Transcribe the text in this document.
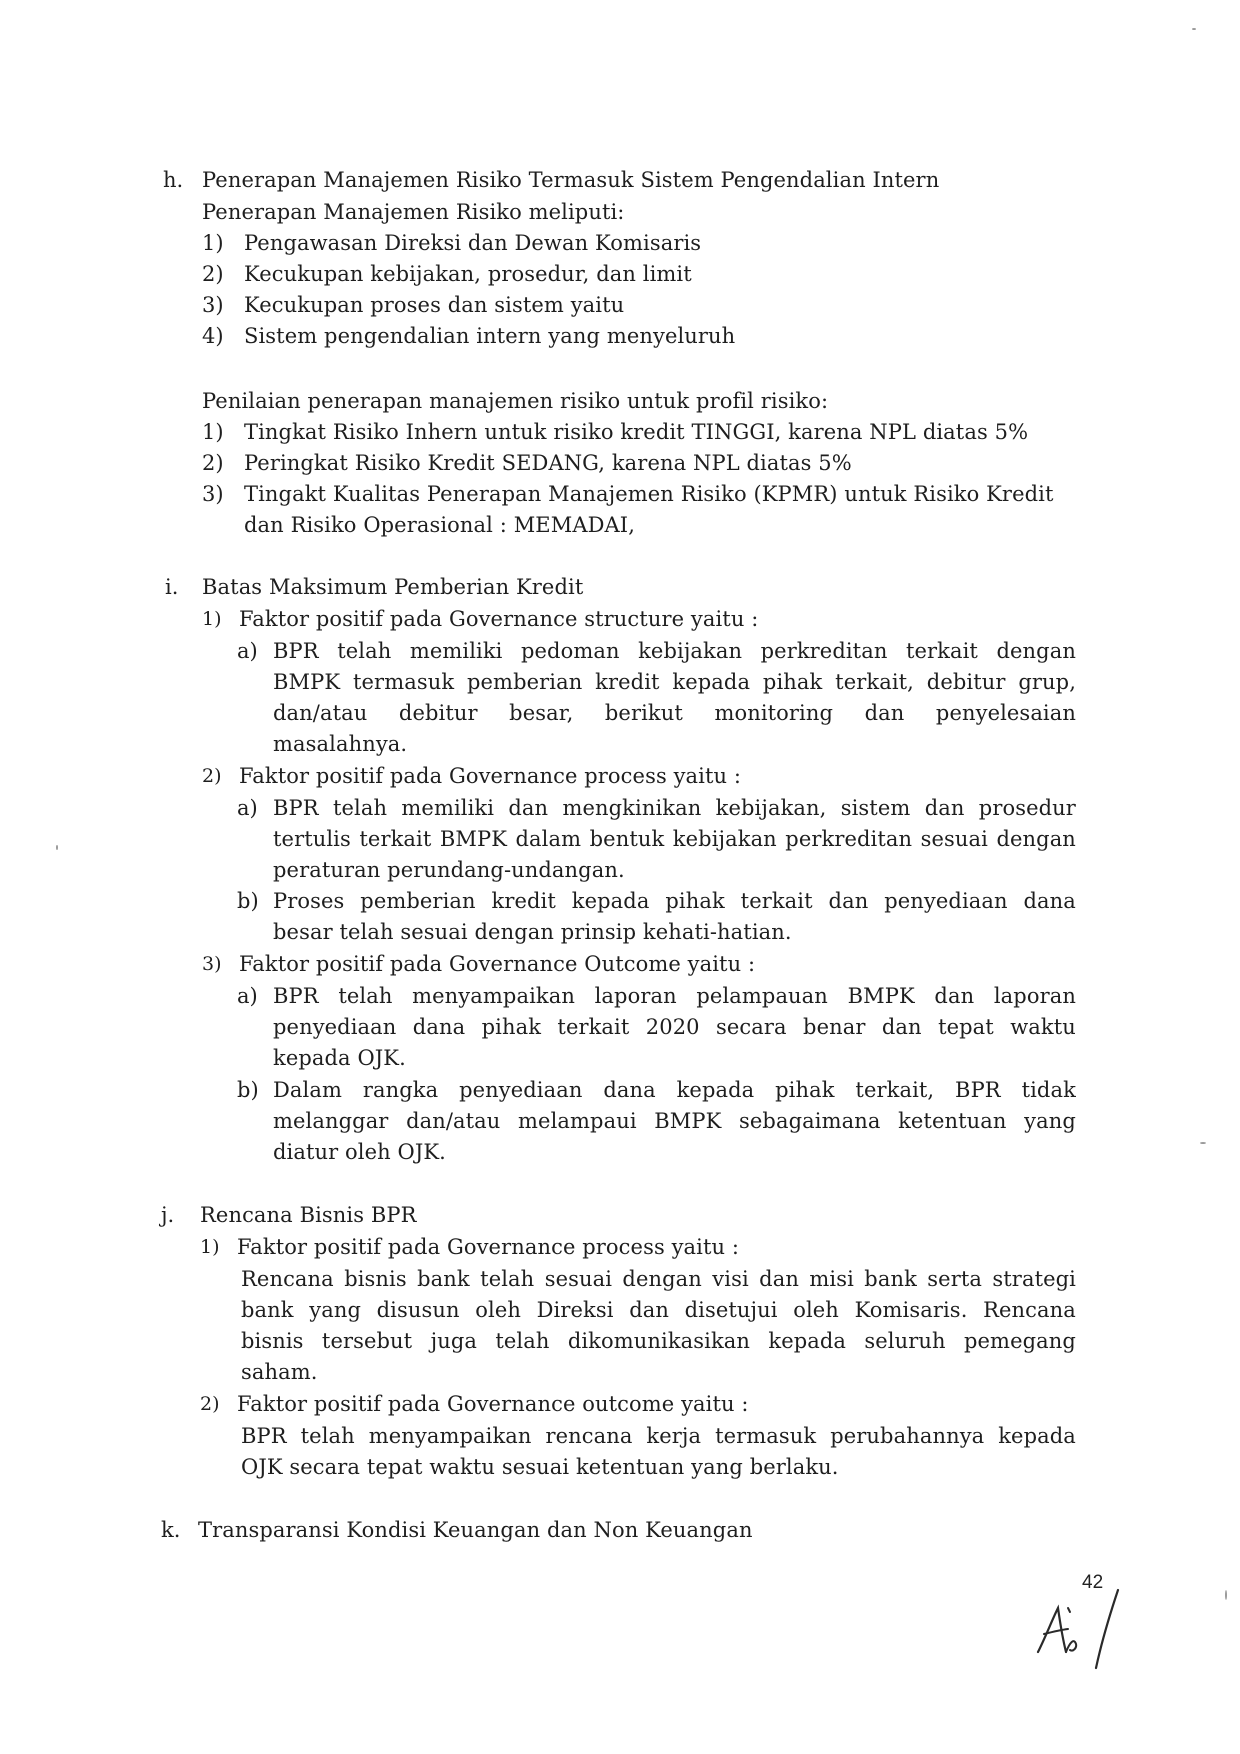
h. Penerapan Manajemen Risiko Termasuk Sistem Pengendalian Intern
Penerapan Manajemen Risiko meliputi:
1) Pengawasan Direksi dan Dewan Komisaris
2) Kecukupan kebijakan, prosedur, dan limit
3) Kecukupan proses dan sistem yaitu
4) Sistem pengendalian intern yang menyeluruh
Penilaian penerapan manajemen risiko untuk profil risiko:
1) Tingkat Risiko Inhern untuk risiko kredit TINGGI, karena NPL diatas 5%
2) Peringkat Risiko Kredit SEDANG, karena NPL diatas 5%
3) Tingakt Kualitas Penerapan Manajemen Risiko (KPMR) untuk Risiko Kredit
dan Risiko Operasional : MEMADAI,
i. Batas Maksimum Pemberian Kredit
1) Faktor positif pada Governance structure yaitu :
a) BPR telah memiliki pedoman kebijakan perkreditan terkait dengan
BMPK termasuk pemberian kredit kepada pihak terkait, debitur grup,
dan/atau debitur besar, berikut monitoring dan penyelesaian
masalahnya.
2) Faktor positif pada Governance process yaitu :
a) BPR telah memiliki dan mengkinikan kebijakan, sistem dan prosedur
tertulis terkait BMPK dalam bentuk kebijakan perkreditan sesuai dengan
peraturan perundang-undangan.
b) Proses pemberian kredit kepada pihak terkait dan penyediaan dana
besar telah sesuai dengan prinsip kehati-hatian.
3) Faktor positif pada Governance Outcome yaitu :
a) BPR telah menyampaikan laporan pelampauan BMPK dan laporan
penyediaan dana pihak terkait 2020 secara benar dan tepat waktu
kepada OJK.
b) Dalam rangka penyediaan dana kepada pihak terkait, BPR tidak
melanggar dan/atau melampaui BMPK sebagaimana ketentuan yang
diatur oleh OJK.
j. Rencana Bisnis BPR
1) Faktor positif pada Governance process yaitu :
Rencana bisnis bank telah sesuai dengan visi dan misi bank serta strategi
bank yang disusun oleh Direksi dan disetujui oleh Komisaris. Rencana
bisnis tersebut juga telah dikomunikasikan kepada seluruh pemegang
saham.
2) Faktor positif pada Governance outcome yaitu :
BPR telah menyampaikan rencana kerja termasuk perubahannya kepada
OJK secara tepat waktu sesuai ketentuan yang berlaku.
k. Transparansi Kondisi Keuangan dan Non Keuangan
42
